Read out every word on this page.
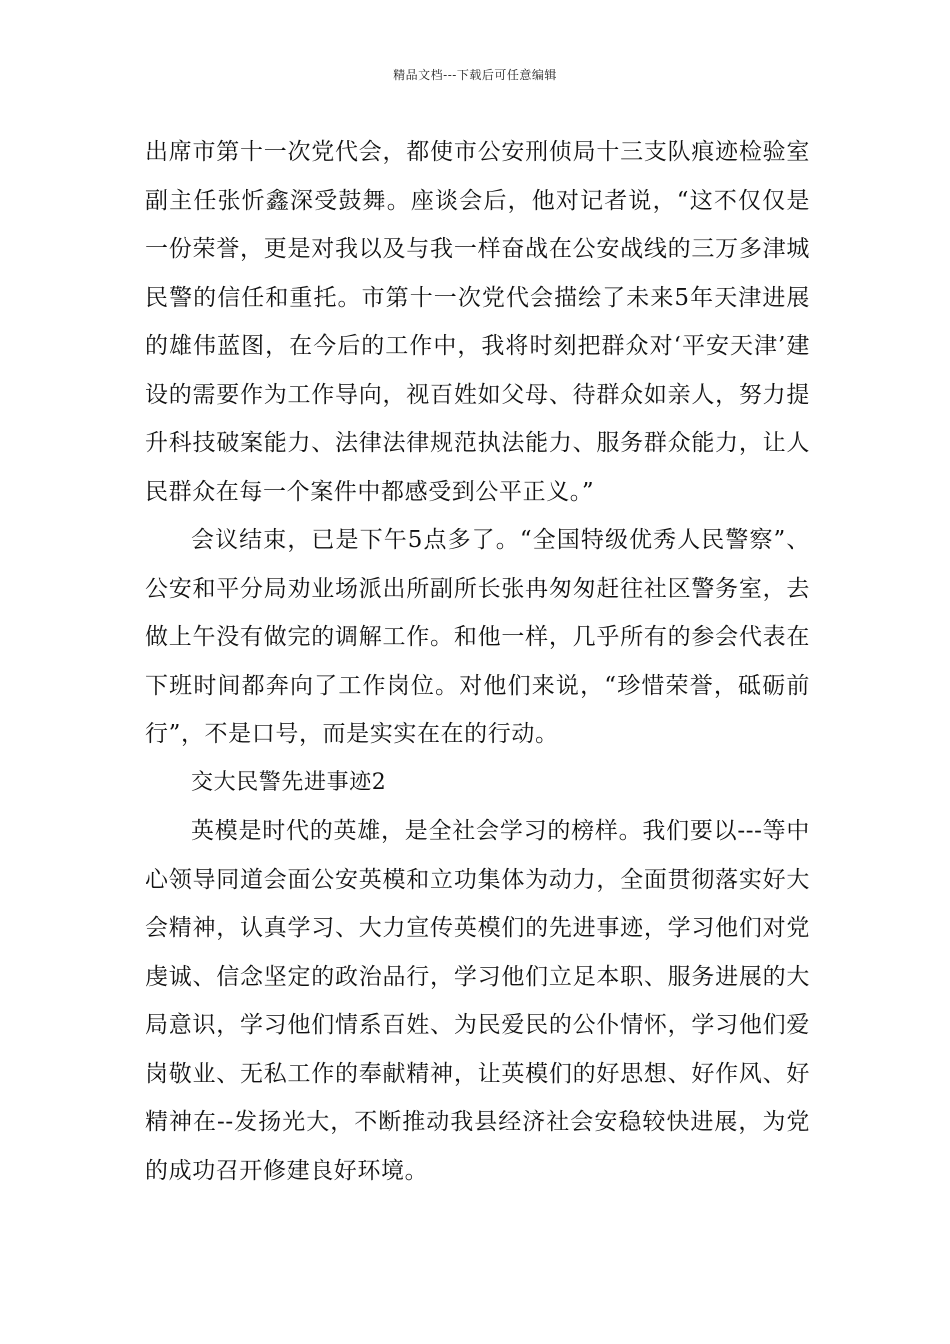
精品文档---下载后可任意编辑

出席市第十一次党代会，都使市公安刑侦局十三支队痕迹检验室副主任张忻鑫深受鼓舞。座谈会后，他对记者说，“这不仅仅是一份荣誉，更是对我以及与我一样奋战在公安战线的三万多津城民警的信任和重托。市第十一次党代会描绘了未来5年天津进展的雄伟蓝图，在今后的工作中，我将时刻把群众对‘平安天津’建设的需要作为工作导向，视百姓如父母、待群众如亲人，努力提升科技破案能力、法律法律规范执法能力、服务群众能力，让人民群众在每一个案件中都感受到公平正义。”

会议结束，已是下午5点多了。“全国特级优秀人民警察”、公安和平分局劝业场派出所副所长张冉匆匆赶往社区警务室，去做上午没有做完的调解工作。和他一样，几乎所有的参会代表在下班时间都奔向了工作岗位。对他们来说，“珍惜荣誉，砥砺前行”，不是口号，而是实实在在的行动。

交大民警先进事迹2

英模是时代的英雄，是全社会学习的榜样。我们要以---等中心领导同道会面公安英模和立功集体为动力，全面贯彻落实好大会精神，认真学习、大力宣传英模们的先进事迹，学习他们对党虔诚、信念坚定的政治品行，学习他们立足本职、服务进展的大局意识，学习他们情系百姓、为民爱民的公仆情怀，学习他们爱岗敬业、无私工作的奉献精神，让英模们的好思想、好作风、好精神在--发扬光大，不断推动我县经济社会安稳较快进展，为党的成功召开修建良好环境。
